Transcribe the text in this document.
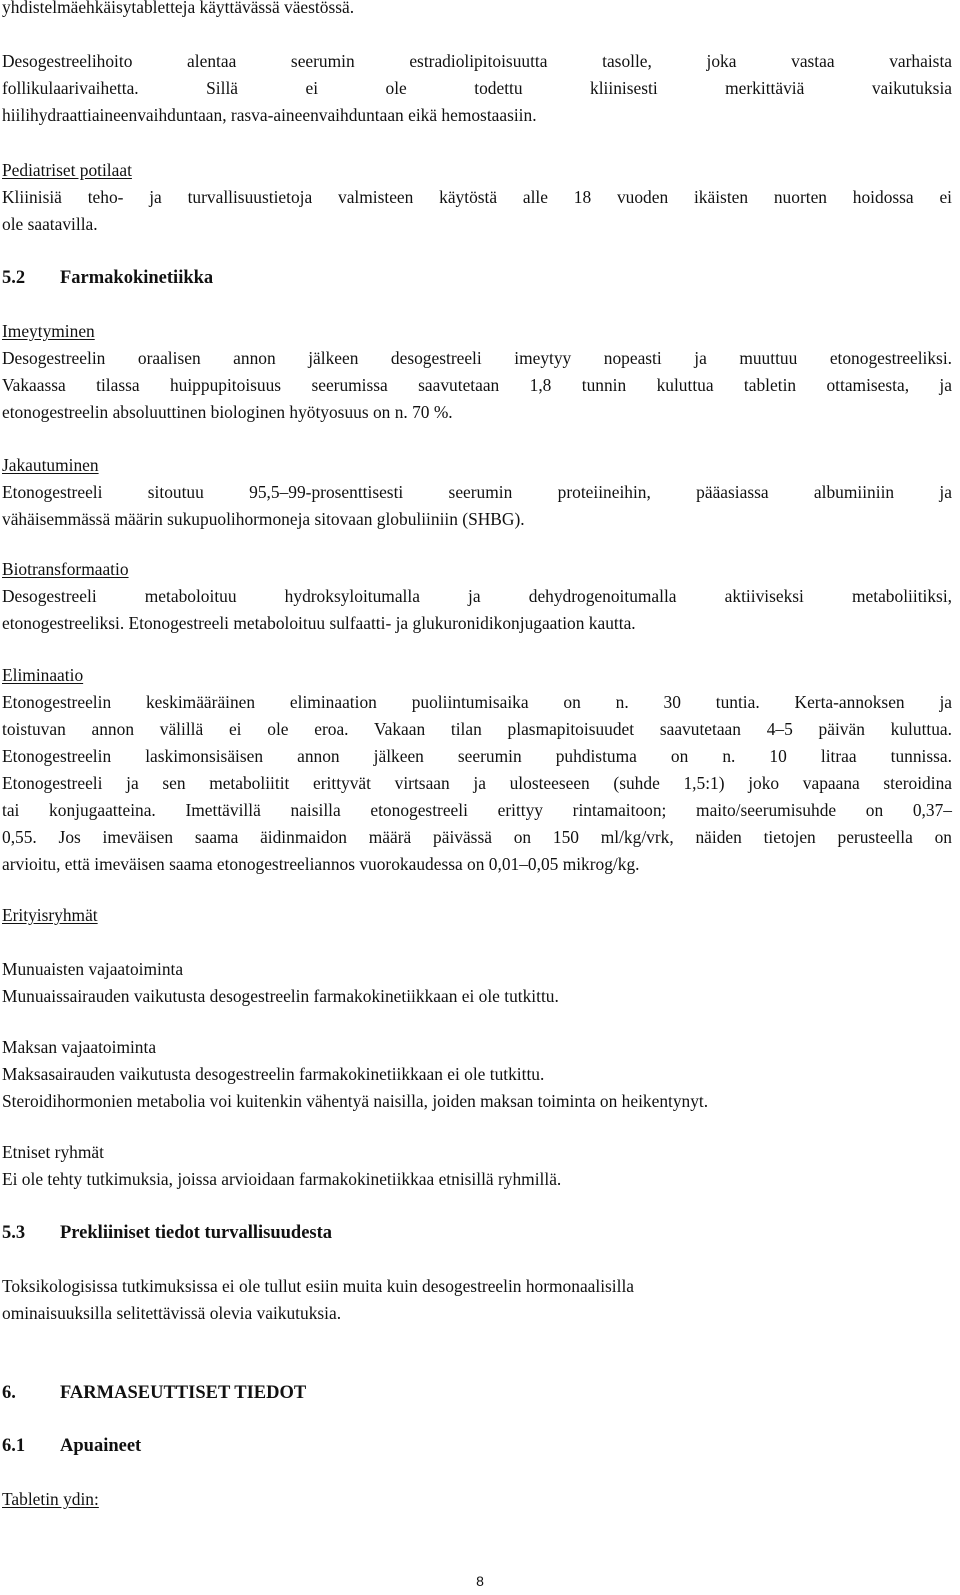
yhdistelmäehkäisytabletteja käyttävässä väestössä.

Desogestreelihoito alentaa seerumin estradiolipitoisuutta tasolle, joka vastaa varhaista
follikulaarivaihetta. Sillä ei ole todettu kliinisesti merkittäviä vaikutuksia
hiilihydraattiaineenvaihduntaan, rasva-aineenvaihduntaan eikä hemostaasiin.

Pediatriset potilaat
Kliinisiä teho- ja turvallisuustietoja valmisteen käytöstä alle 18 vuoden ikäisten nuorten hoidossa ei
ole saatavilla.

5.2 Farmakokinetiikka

Imeytyminen
Desogestreelin oraalisen annon jälkeen desogestreeli imeytyy nopeasti ja muuttuu etonogestreeliksi.
Vakaassa tilassa huippupitoisuus seerumissa saavutetaan 1,8 tunnin kuluttua tabletin ottamisesta, ja
etonogestreelin absoluuttinen biologinen hyötyosuus on n. 70 %.

Jakautuminen
Etonogestreeli sitoutuu 95,5–99-prosenttisesti seerumin proteiineihin, pääasiassa albumiiniin ja
vähäisemmässä määrin sukupuolihormoneja sitovaan globuliiniin (SHBG).

Biotransformaatio
Desogestreeli metaboloituu hydroksyloitumalla ja dehydrogenoitumalla aktiiviseksi metaboliitiksi,
etonogestreeliksi. Etonogestreeli metaboloituu sulfaatti- ja glukuronidikonjugaation kautta.

Eliminaatio
Etonogestreelin keskimääräinen eliminaation puoliintumisaika on n. 30 tuntia. Kerta-annoksen ja
toistuvan annon välillä ei ole eroa. Vakaan tilan plasmapitoisuudet saavutetaan 4–5 päivän kuluttua.
Etonogestreelin laskimonsisäisen annon jälkeen seerumin puhdistuma on n. 10 litraa tunnissa.
Etonogestreeli ja sen metaboliitit erittyvät virtsaan ja ulosteeseen (suhde 1,5:1) joko vapaana steroidina
tai konjugaatteina. Imettävillä naisilla etonogestreeli erittyy rintamaitoon; maito/seerumisuhde on 0,37–
0,55. Jos imeväisen saama äidinmaidon määrä päivässä on 150 ml/kg/vrk, näiden tietojen perusteella on
arvioitu, että imeväisen saama etonogestreeliannos vuorokaudessa on 0,01–0,05 mikrog/kg.

Erityisryhmät

Munuaisten vajaatoiminta
Munuaissairauden vaikutusta desogestreelin farmakokinetiikkaan ei ole tutkittu.

Maksan vajaatoiminta
Maksasairauden vaikutusta desogestreelin farmakokinetiikkaan ei ole tutkittu.
Steroidihormonien metabolia voi kuitenkin vähentyä naisilla, joiden maksan toiminta on heikentynyt.

Etniset ryhmät
Ei ole tehty tutkimuksia, joissa arvioidaan farmakokinetiikkaa etnisillä ryhmillä.

5.3 Prekliiniset tiedot turvallisuudesta

Toksikologisissa tutkimuksissa ei ole tullut esiin muita kuin desogestreelin hormonaalisilla
ominaisuuksilla selitettävissä olevia vaikutuksia.

6. FARMASEUTTISET TIEDOT

6.1 Apuaineet

Tabletin ydin:

8
